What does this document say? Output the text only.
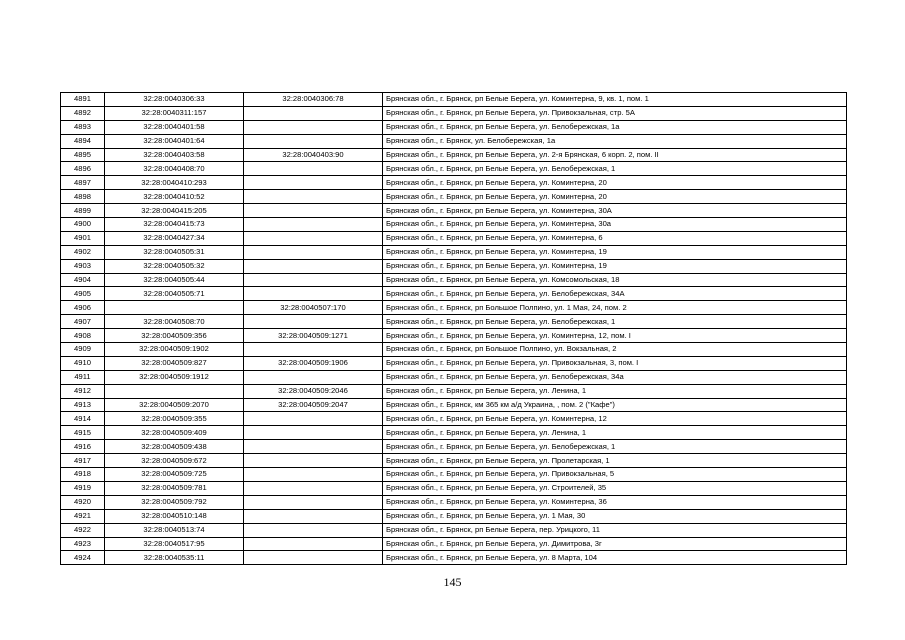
4891	32:28:0040306:33	32:28:0040306:78	Брянская обл., г. Брянск, рп Белые Берега, ул. Коминтерна, 9, кв. 1, пом. 1
4892	32:28:0040311:157		Брянская обл., г. Брянск, рп Белые Берега, ул. Привокзальная, стр. 5А
4893	32:28:0040401:58		Брянская обл., г. Брянск, рп Белые Берега, ул. Белобережская, 1а
4894	32:28:0040401:64		Брянская обл., г. Брянск, ул. Белобережская, 1а
4895	32:28:0040403:58	32:28:0040403:90	Брянская обл., г. Брянск, рп Белые Берега, ул. 2-я Брянская, 6 корп. 2, пом. II
4896	32:28:0040408:70		Брянская обл., г. Брянск, рп Белые Берега, ул. Белобережская, 1
4897	32:28:0040410:293		Брянская обл., г. Брянск, рп Белые Берега, ул. Коминтерна, 20
4898	32:28:0040410:52		Брянская обл., г. Брянск, рп Белые Берега, ул. Коминтерна, 20
4899	32:28:0040415:205		Брянская обл., г. Брянск, рп Белые Берега, ул. Коминтерна, 30А
4900	32:28:0040415:73		Брянская обл., г. Брянск, рп Белые Берега, ул. Коминтерна, 30а
4901	32:28:0040427:34		Брянская обл., г. Брянск, рп Белые Берега, ул. Коминтерна, 6
4902	32:28:0040505:31		Брянская обл., г. Брянск, рп Белые Берега, ул. Коминтерна, 19
4903	32:28:0040505:32		Брянская обл., г. Брянск, рп Белые Берега, ул. Коминтерна, 19
4904	32:28:0040505:44		Брянская обл., г. Брянск, рп Белые Берега, ул. Комсомольская, 18
4905	32:28:0040505:71		Брянская обл., г. Брянск, рп Белые Берега, ул. Белобережская, 34А
4906		32:28:0040507:170	Брянская обл., г. Брянск, рп Большое Полпино, ул. 1 Мая, 24, пом. 2
4907	32:28:0040508:70		Брянская обл., г. Брянск, рп Белые Берега, ул. Белобережская, 1
4908	32:28:0040509:356	32:28:0040509:1271	Брянская обл., г. Брянск, рп Белые Берега, ул. Коминтерна, 12, пом. I
4909	32:28:0040509:1902		Брянская обл., г. Брянск, рп Большое Полпино, ул. Вокзальная, 2
4910	32:28:0040509:827	32:28:0040509:1906	Брянская обл., г. Брянск, рп Белые Берега, ул. Привокзальная, 3, пом. I
4911	32:28:0040509:1912		Брянская обл., г. Брянск, рп Белые Берега, ул. Белобережская, 34а
4912		32:28:0040509:2046	Брянская обл., г. Брянск, рп Белые Берега, ул. Ленина, 1
4913	32:28:0040509:2070	32:28:0040509:2047	Брянская обл., г. Брянск, км 365 км а/д Украина, , пом. 2 ("Кафе")
4914	32:28:0040509:355		Брянская обл., г. Брянск, рп Белые Берега, ул. Коминтерна, 12
4915	32:28:0040509:409		Брянская обл., г. Брянск, рп Белые Берега, ул. Ленина, 1
4916	32:28:0040509:438		Брянская обл., г. Брянск, рп Белые Берега, ул. Белобережская, 1
4917	32:28:0040509:672		Брянская обл., г. Брянск, рп Белые Берега, ул. Пролетарская, 1
4918	32:28:0040509:725		Брянская обл., г. Брянск, рп Белые Берега, ул. Привокзальная, 5
4919	32:28:0040509:781		Брянская обл., г. Брянск, рп Белые Берега, ул. Строителей, 35
4920	32:28:0040509:792		Брянская обл., г. Брянск, рп Белые Берега, ул. Коминтерна, 36
4921	32:28:0040510:148		Брянская обл., г. Брянск, рп Белые Берега, ул. 1 Мая, 30
4922	32:28:0040513:74		Брянская обл., г. Брянск, рп Белые Берега, пер. Урицкого, 11
4923	32:28:0040517:95		Брянская обл., г. Брянск, рп Белые Берега, ул. Димитрова, 3г
4924	32:28:0040535:11		Брянская обл., г. Брянск, рп Белые Берега, ул. 8 Марта, 104
145
